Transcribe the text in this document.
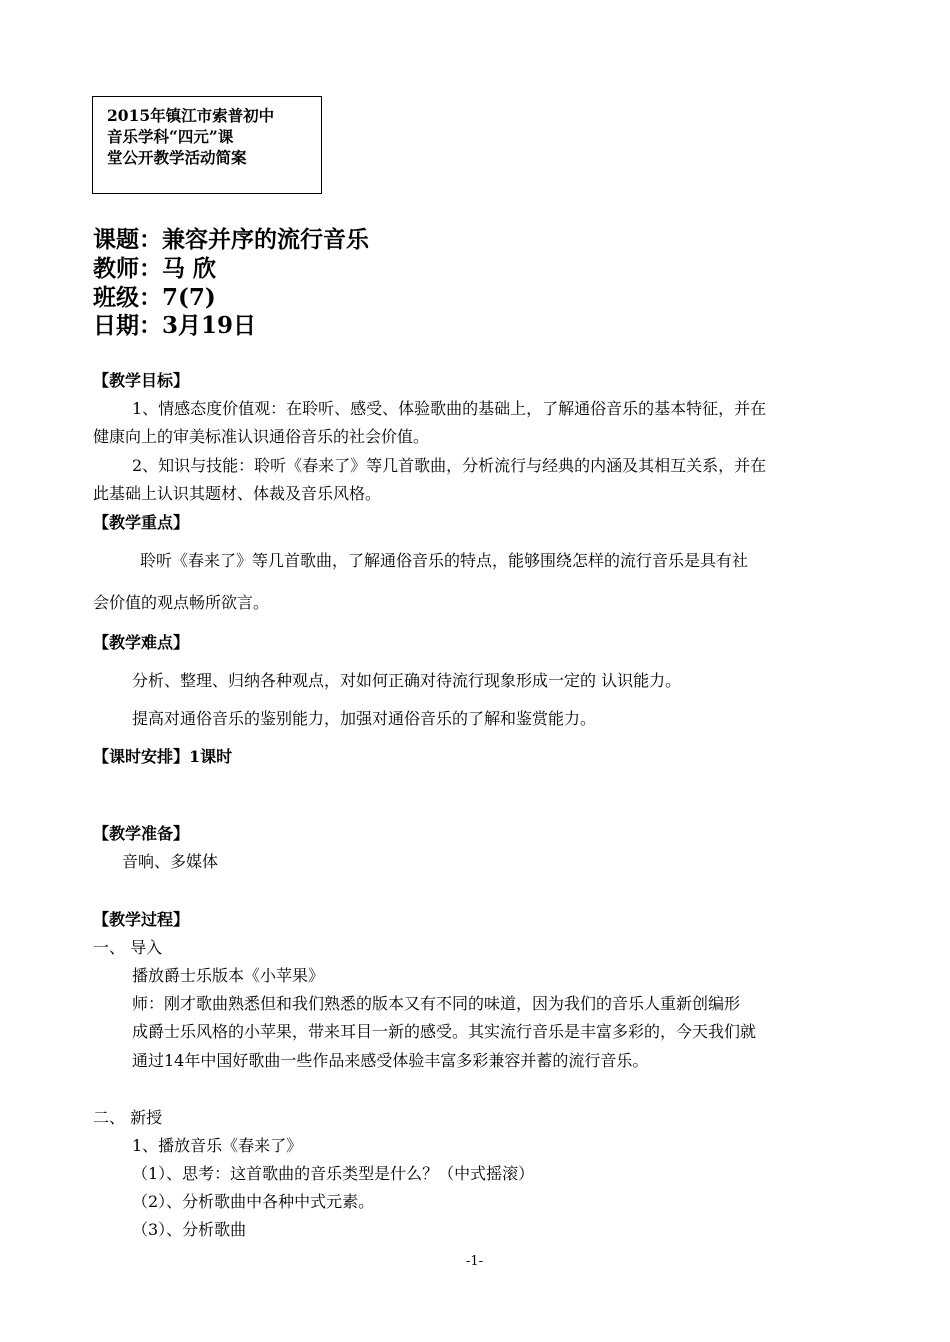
2015年镇江市索普初中
音乐学科“四元”课
堂公开教学活动简案
课题：兼容并序的流行音乐
教师：马 欣
班级：7(7)
日期：3月19日
【教学目标】
1、情感态度价值观：在聆听、感受、体验歌曲的基础上，了解通俗音乐的基本特征，并在
健康向上的审美标准认识通俗音乐的社会价值。
2、知识与技能：聆听《春来了》等几首歌曲，分析流行与经典的内涵及其相互关系，并在
此基础上认识其题材、体裁及音乐风格。
【教学重点】
聆听《春来了》等几首歌曲，了解通俗音乐的特点，能够围绕怎样的流行音乐是具有社
会价值的观点畅所欲言。
【教学难点】
分析、整理、归纳各种观点，对如何正确对待流行现象形成一定的 认识能力。
提高对通俗音乐的鉴别能力，加强对通俗音乐的了解和鉴赏能力。
【课时安排】1课时
【教学准备】
音响、多媒体
【教学过程】
一、 导入
播放爵士乐版本《小苹果》
师：刚才歌曲熟悉但和我们熟悉的版本又有不同的味道，因为我们的音乐人重新创编形
成爵士乐风格的小苹果，带来耳目一新的感受。其实流行音乐是丰富多彩的，今天我们就
通过14年中国好歌曲一些作品来感受体验丰富多彩兼容并蓄的流行音乐。
二、 新授
1、播放音乐《春来了》
（1）、思考：这首歌曲的音乐类型是什么？（中式摇滚）
（2）、分析歌曲中各种中式元素。
（3）、分析歌曲
-1-
